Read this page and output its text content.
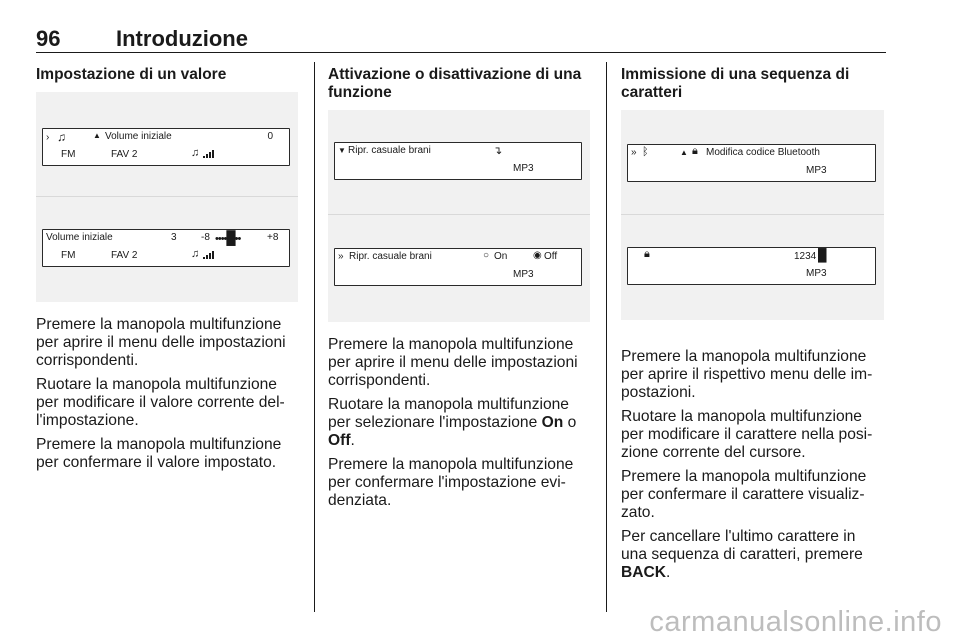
96	Introduzione
Impostazione di un valore
› ♫	▲ Volume iniziale	0
FM	FAV 2	♫
Volume iniziale	3 -8 ••••█••	+8
FM	FAV 2	♫

Premere la manopola multifunzione per aprire il menu delle impostazioni corrispondenti.

Ruotare la manopola multifunzione per modificare il valore corrente del-l'impostazione.

Premere la manopola multifunzione per confermare il valore impostato.

Attivazione o disattivazione di una funzione
▼ Ripr. casuale brani	↴
MP3
» Ripr. casuale brani	○ On	◉ Off
MP3

Premere la manopola multifunzione per aprire il menu delle impostazioni corrispondenti.

Ruotare la manopola multifunzione per selezionare l'impostazione On o Off.

Premere la manopola multifunzione per confermare l'impostazione evi-denziata.

Immissione di una sequenza di caratteri
» ᛒ	▲ 🔒︎ Modifica codice Bluetooth
MP3
🔒︎	1234 █
MP3

Premere la manopola multifunzione per aprire il rispettivo menu delle im-postazioni.

Ruotare la manopola multifunzione per modificare il carattere nella posi-zione corrente del cursore.

Premere la manopola multifunzione per confermare il carattere visualiz-zato.

Per cancellare l'ultimo carattere in una sequenza di caratteri, premere BACK.

carmanualsonline.info
